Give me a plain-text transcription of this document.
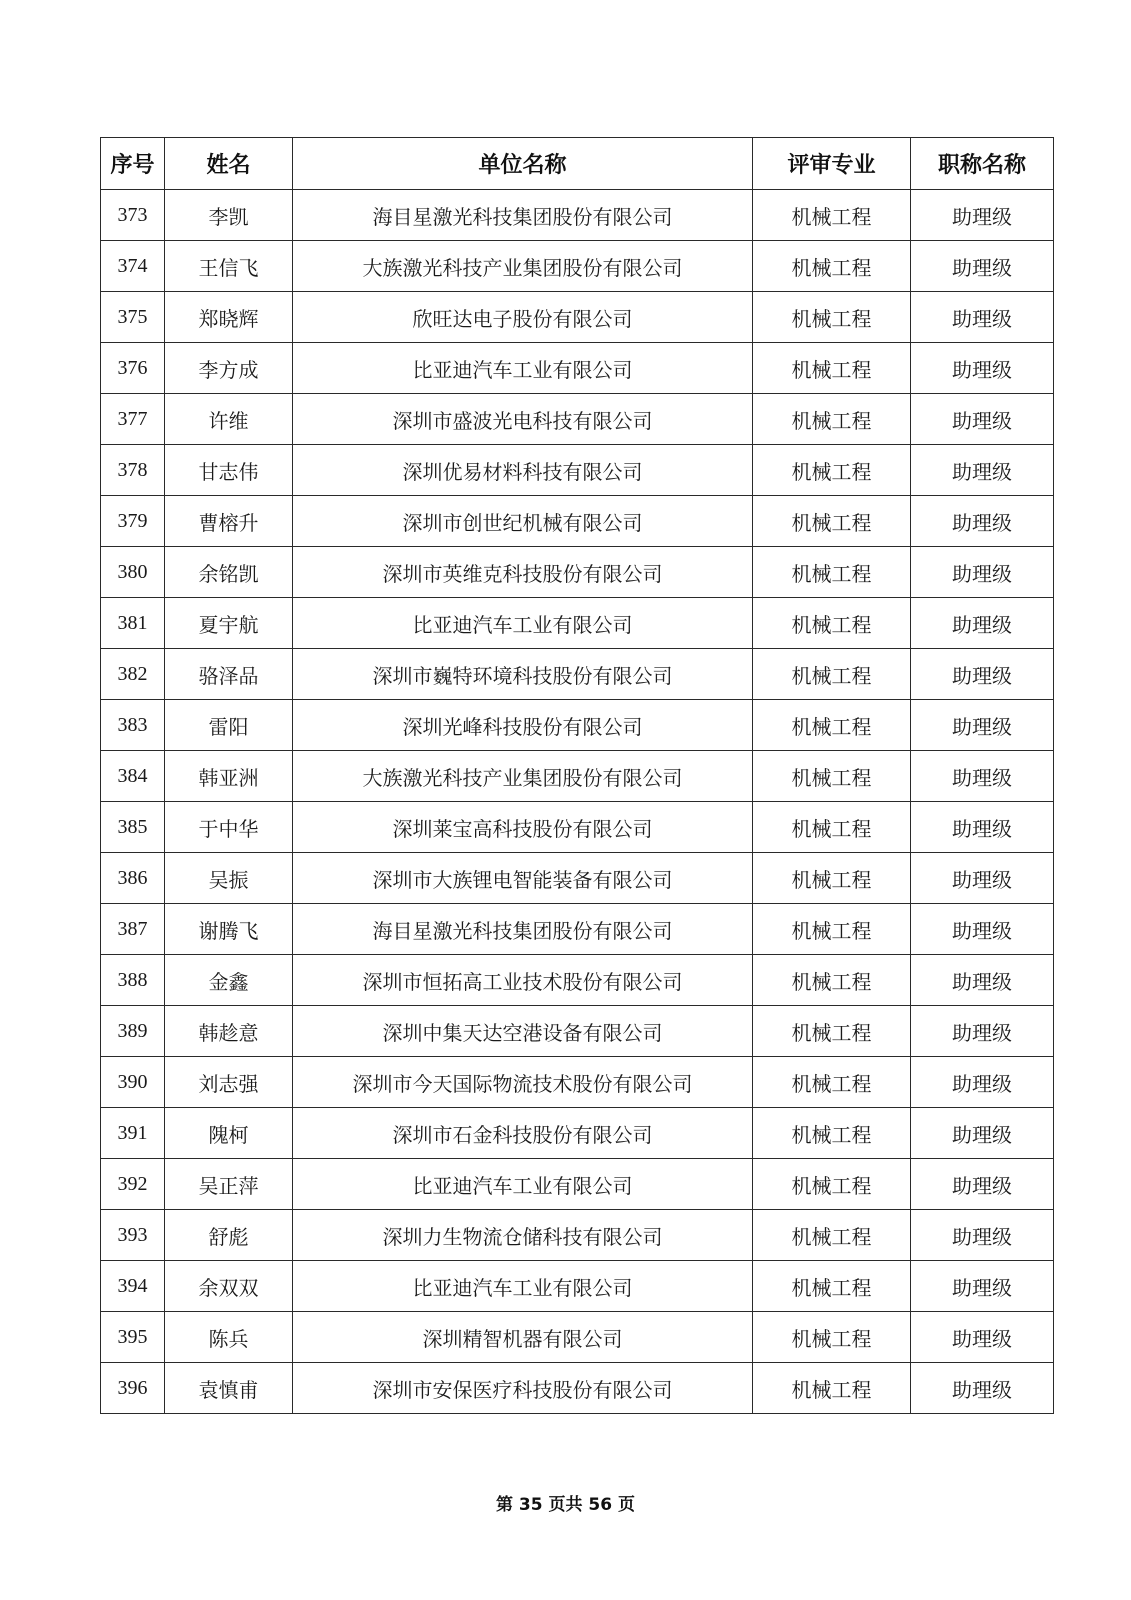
序号	姓名	单位名称	评审专业	职称名称
373	李凯	海目星激光科技集团股份有限公司	机械工程	助理级
374	王信飞	大族激光科技产业集团股份有限公司	机械工程	助理级
375	郑晓辉	欣旺达电子股份有限公司	机械工程	助理级
376	李方成	比亚迪汽车工业有限公司	机械工程	助理级
377	许维	深圳市盛波光电科技有限公司	机械工程	助理级
378	甘志伟	深圳优易材料科技有限公司	机械工程	助理级
379	曹榕升	深圳市创世纪机械有限公司	机械工程	助理级
380	余铭凯	深圳市英维克科技股份有限公司	机械工程	助理级
381	夏宇航	比亚迪汽车工业有限公司	机械工程	助理级
382	骆泽品	深圳市巍特环境科技股份有限公司	机械工程	助理级
383	雷阳	深圳光峰科技股份有限公司	机械工程	助理级
384	韩亚洲	大族激光科技产业集团股份有限公司	机械工程	助理级
385	于中华	深圳莱宝高科技股份有限公司	机械工程	助理级
386	吴振	深圳市大族锂电智能装备有限公司	机械工程	助理级
387	谢腾飞	海目星激光科技集团股份有限公司	机械工程	助理级
388	金鑫	深圳市恒拓高工业技术股份有限公司	机械工程	助理级
389	韩趁意	深圳中集天达空港设备有限公司	机械工程	助理级
390	刘志强	深圳市今天国际物流技术股份有限公司	机械工程	助理级
391	隗柯	深圳市石金科技股份有限公司	机械工程	助理级
392	吴正萍	比亚迪汽车工业有限公司	机械工程	助理级
393	舒彪	深圳力生物流仓储科技有限公司	机械工程	助理级
394	余双双	比亚迪汽车工业有限公司	机械工程	助理级
395	陈兵	深圳精智机器有限公司	机械工程	助理级
396	袁慎甫	深圳市安保医疗科技股份有限公司	机械工程	助理级
第 35 页共 56 页
